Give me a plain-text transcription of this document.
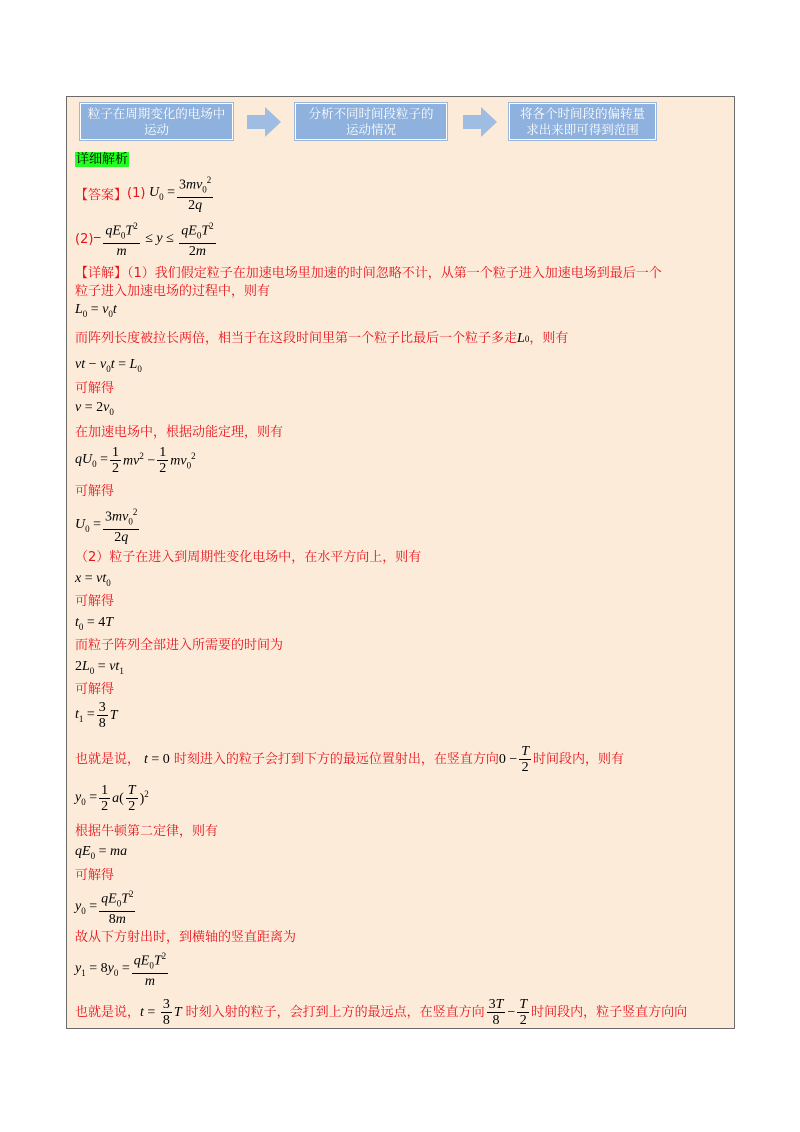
粒子在周期变化的电场中
运动
分析不同时间段粒子的
运动情况
将各个时间段的偏转量
求出来即可得到范围
详细解析
【答案】 (1) $U_0 = \frac{3mv_0^2}{2q}$
$(2) - \frac{qE_0T^2}{m} \le y \le \frac{qE_0T^2}{2m}$
【详解】（1）我们假定粒子在加速电场里加速的时间忽略不计，从第一个粒子进入加速电场到最后一个
粒子进入加速电场的过程中，则有
$L_0 = v_0t$
而阵列长度被拉长两倍，相当于在这段时间里第一个粒子比最后一个粒子多走 L 0 ，则有
vt − $v_0t = L_0$
可解得
$v = 2v_0$
在加速电场中，根据动能定理，则有
$qU_0 = \frac{1}{2} mv^2 - \frac{1}{2} mv_0^2$
可解得
$U_0 = \frac{3mv_0^2}{2q}$
（2）粒子在进入到周期性变化电场中，在水平方向上，则有
$x = vt_0$
可解得
$t_0 = 4T$
而粒子阵列全部进入所需要的时间为
$2L_0 = vt_1$
可解得
$t_1 = \frac{3}{8}$ T
也就是说， t = 0 时刻进入的粒子会打到下方的最远位置射出，在竖直方向 $0 - \frac{T}{2}$ 时间段内，则有
$y_0 = \frac{1}{2} a( \frac{T}{2} )^2$
根据牛顿第二定律，则有
$qE_0$ = ma
可解得
$y_0 = \frac{qE_0T^2}{8m}$
故从下方射出时，到横轴的竖直距离为
$y_1 = 8y_0 = \frac{qE_0T^2}{m}$
也就是说， $t = \frac{3}{8}$ T 时刻入射的粒子，会打到上方的最远点，在竖直方向 $\frac{3T}{8} - \frac{T}{2}$ 时间段内，粒子竖直方向向
